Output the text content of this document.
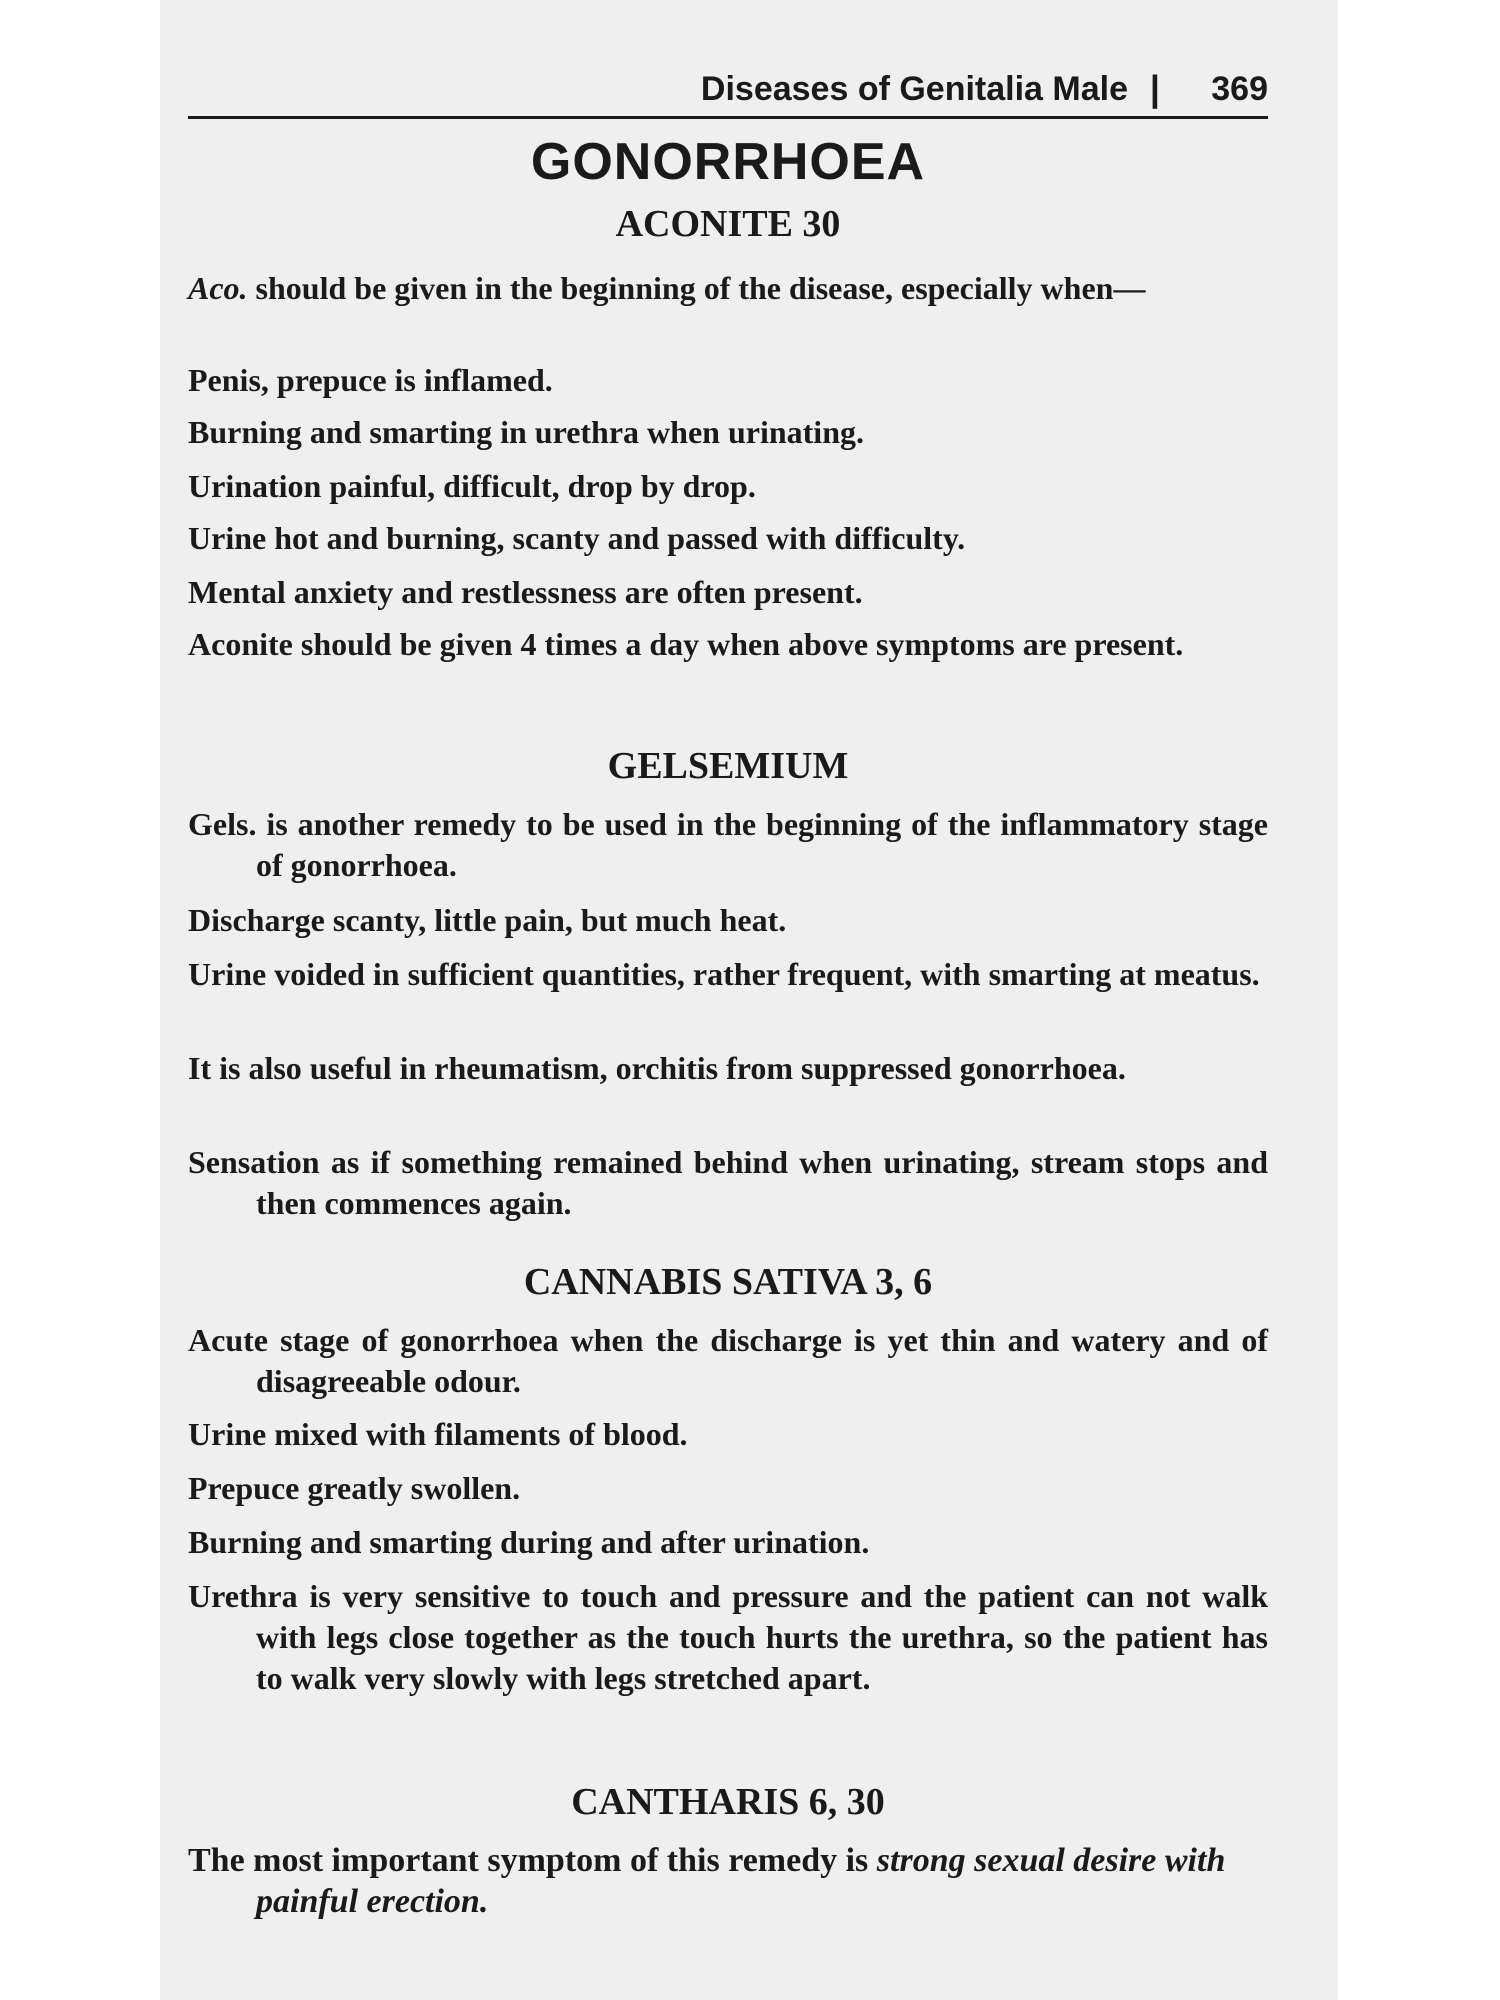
Diseases of Genitalia Male | 369
GONORRHOEA
ACONITE 30
Aco. should be given in the beginning of the disease, especially when—
Penis, prepuce is inflamed.
Burning and smarting in urethra when urinating.
Urination painful, difficult, drop by drop.
Urine hot and burning, scanty and passed with difficulty.
Mental anxiety and restlessness are often present.
Aconite should be given 4 times a day when above symptoms are present.
GELSEMIUM
Gels. is another remedy to be used in the beginning of the inflammatory stage of gonorrhoea.
Discharge scanty, little pain, but much heat.
Urine voided in sufficient quantities, rather frequent, with smarting at meatus.
It is also useful in rheumatism, orchitis from suppressed gonorrhoea.
Sensation as if something remained behind when urinating, stream stops and then commences again.
CANNABIS SATIVA 3, 6
Acute stage of gonorrhoea when the discharge is yet thin and watery and of disagreeable odour.
Urine mixed with filaments of blood.
Prepuce greatly swollen.
Burning and smarting during and after urination.
Urethra is very sensitive to touch and pressure and the patient can not walk with legs close together as the touch hurts the urethra, so the patient has to walk very slowly with legs stretched apart.
CANTHARIS 6, 30
The most important symptom of this remedy is strong sexual desire with painful erection.
